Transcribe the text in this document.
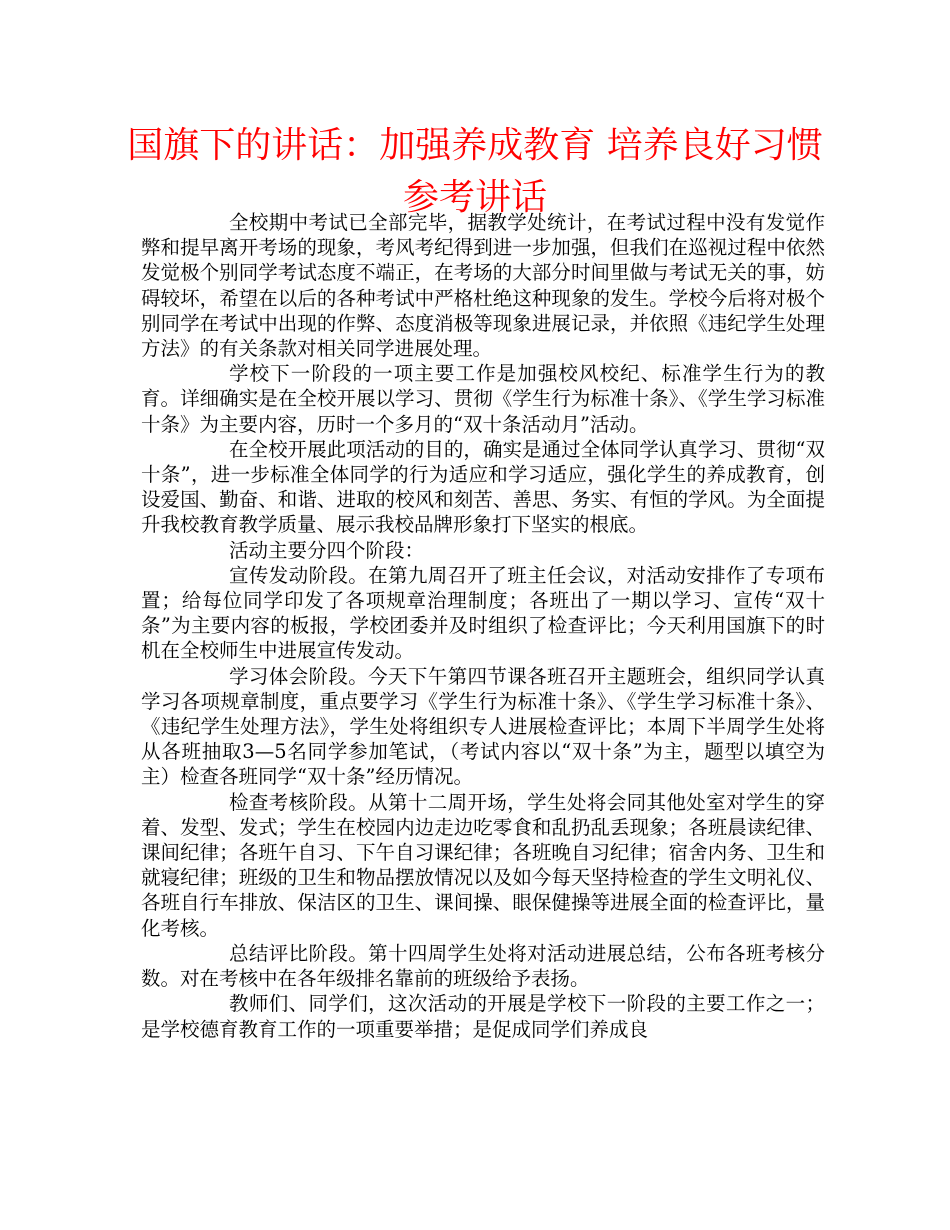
国旗下的讲话：加强养成教育 培养良好习惯参考讲话

全校期中考试已全部完毕，据教学处统计，在考试过程中没有发觉作弊和提早离开考场的现象，考风考纪得到进一步加强，但我们在巡视过程中依然发觉极个别同学考试态度不端正，在考场的大部分时间里做与考试无关的事，妨碍较坏，希望在以后的各种考试中严格杜绝这种现象的发生。学校今后将对极个别同学在考试中出现的作弊、态度消极等现象进展记录，并依照《违纪学生处理方法》的有关条款对相关同学进展处理。

学校下一阶段的一项主要工作是加强校风校纪、标准学生行为的教育。详细确实是在全校开展以学习、贯彻《学生行为标准十条》、《学生学习标准十条》为主要内容，历时一个多月的“双十条活动月”活动。

在全校开展此项活动的目的，确实是通过全体同学认真学习、贯彻“双十条”，进一步标准全体同学的行为适应和学习适应，强化学生的养成教育，创设爱国、勤奋、和谐、进取的校风和刻苦、善思、务实、有恒的学风。为全面提升我校教育教学质量、展示我校品牌形象打下坚实的根底。

活动主要分四个阶段：

宣传发动阶段。在第九周召开了班主任会议，对活动安排作了专项布置；给每位同学印发了各项规章治理制度；各班出了一期以学习、宣传“双十条”为主要内容的板报，学校团委并及时组织了检查评比；今天利用国旗下的时机在全校师生中进展宣传发动。

学习体会阶段。今天下午第四节课各班召开主题班会，组织同学认真学习各项规章制度，重点要学习《学生行为标准十条》、《学生学习标准十条》、《违纪学生处理方法》，学生处将组织专人进展检查评比；本周下半周学生处将从各班抽取3—5名同学参加笔试，（考试内容以“双十条”为主，题型以填空为主）检查各班同学“双十条”经历情况。

检查考核阶段。从第十二周开场，学生处将会同其他处室对学生的穿着、发型、发式；学生在校园内边走边吃零食和乱扔乱丢现象；各班晨读纪律、课间纪律；各班午自习、下午自习课纪律；各班晚自习纪律；宿舍内务、卫生和就寝纪律；班级的卫生和物品摆放情况以及如今每天坚持检查的学生文明礼仪、各班自行车排放、保洁区的卫生、课间操、眼保健操等进展全面的检查评比，量化考核。

总结评比阶段。第十四周学生处将对活动进展总结，公布各班考核分数。对在考核中在各年级排名靠前的班级给予表扬。

教师们、同学们，这次活动的开展是学校下一阶段的主要工作之一；是学校德育教育工作的一项重要举措；是促成同学们养成良
